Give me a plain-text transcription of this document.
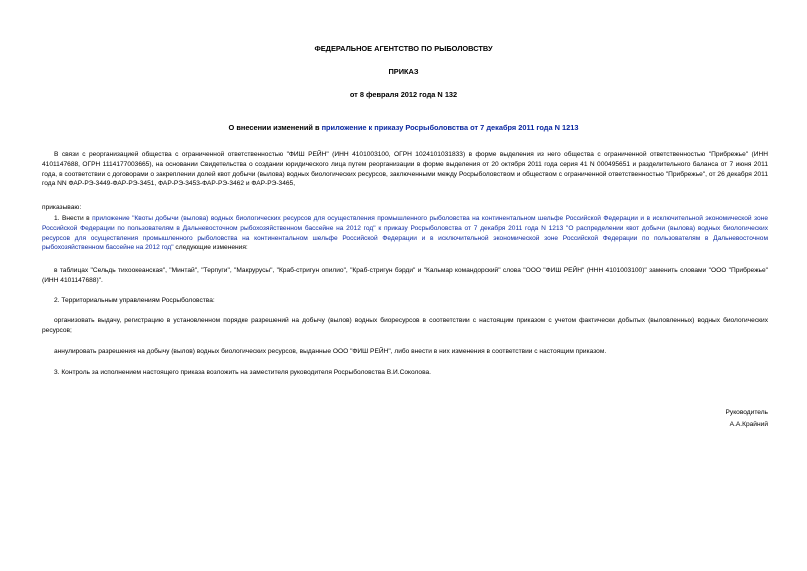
ФЕДЕРАЛЬНОЕ АГЕНТСТВО ПО РЫБОЛОВСТВУ
ПРИКАЗ
от 8 февраля 2012 года N 132
О внесении изменений в приложение к приказу Росрыболовства от 7 декабря 2011 года N 1213
В связи с реорганизацией общества с ограниченной ответственностью "ФИШ РЕЙН" (ИНН 4101003100, ОГРН 1024101031833) в форме выделения из него общества с ограниченной ответственностью "Прибрежье" (ИНН 4101147688, ОГРН 1114177003665), на основании Свидетельства о создании юридического лица путем реорганизации в форме выделения от 20 октября 2011 года серия 41 N 000495651 и разделительного баланса от 7 июня 2011 года, в соответствии с договорами о закреплении долей квот добычи (вылова) водных биологических ресурсов, заключенными между Росрыболовством и обществом с ограниченной ответственностью "Прибрежье", от 26 декабря 2011 года NN ФАР-РЭ-3449-ФАР-РЭ-3451, ФАР-РЭ-3453-ФАР-РЭ-3462 и ФАР-РЭ-3465,
приказываю:
1. Внести в приложение "Квоты добычи (вылова) водных биологических ресурсов для осуществления промышленного рыболовства на континентальном шельфе Российской Федерации и в исключительной экономической зоне Российской Федерации по пользователям в Дальневосточном рыбохозяйственном бассейне на 2012 год" к приказу Росрыболовства от 7 декабря 2011 года N 1213 "О распределении квот добычи (вылова) водных биологических ресурсов для осуществления промышленного рыболовства на континентальном шельфе Российской Федерации и в исключительной экономической зоне Российской Федерации по пользователям в Дальневосточном рыбохозяйственном бассейне на 2012 год" следующие изменения:
в таблицах "Сельдь тихоокеанская", "Минтай", "Терпуги", "Макрурусы", "Краб-стригун опилио", "Краб-стригун бэрди" и "Кальмар командорский" слова "ООО "ФИШ РЕЙН" (ННН 4101003100)" заменить словами "ООО "Прибрежье" (ИНН 4101147688)".
2. Территориальным управлениям Росрыболовства:
организовать выдачу, регистрацию в установленном порядке разрешений на добычу (вылов) водных биоресурсов в соответствии с настоящим приказом с учетом фактически добытых (выловленных) водных биологических ресурсов;
аннулировать разрешения на добычу (вылов) водных биологических ресурсов, выданные ООО "ФИШ РЕЙН", либо внести в них изменения в соответствии с настоящим приказом.
3. Контроль за исполнением настоящего приказа возложить на заместителя руководителя Росрыболовства В.И.Соколова.
Руководитель
А.А.Крайний
